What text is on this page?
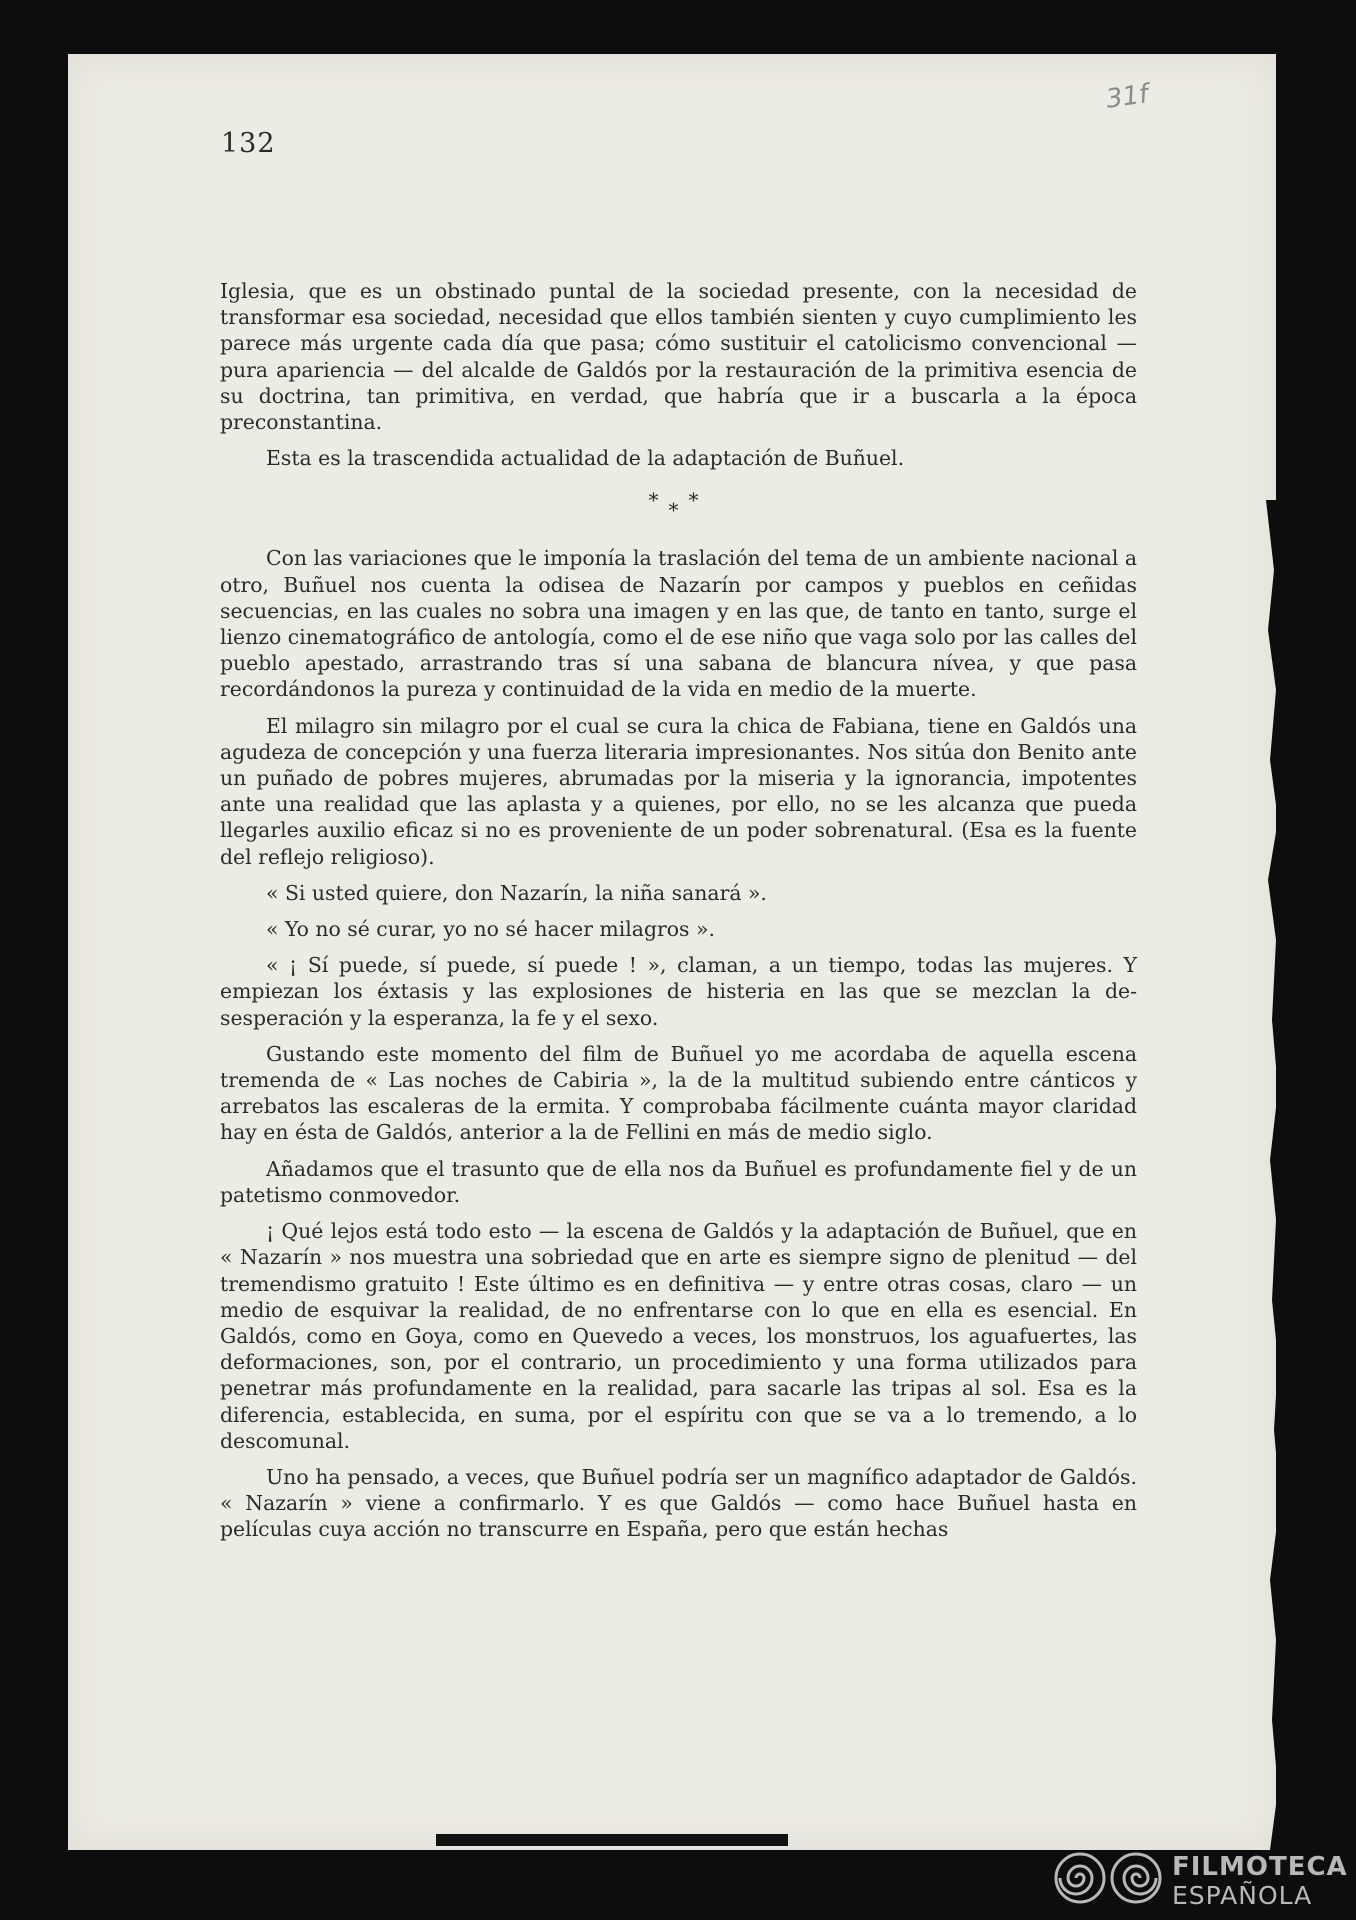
132
31f

Iglesia, que es un obstinado puntal de la sociedad presente, con la necesidad de transformar esa sociedad, necesidad que ellos también sienten y cuyo cumplimiento les parece más urgente cada día que pasa; cómo sustituir el catolicismo convencional — pura apariencia — del alcalde de Galdós por la restauración de la primitiva esencia de su doctrina, tan primitiva, en verdad, que habría que ir a buscarla a la época preconstantina.

Esta es la trascendida actualidad de la adaptación de Buñuel.

***

Con las variaciones que le imponía la traslación del tema de un ambiente nacional a otro, Buñuel nos cuenta la odisea de Nazarín por campos y pueblos en ceñidas secuencias, en las cuales no sobra una imagen y en las que, de tanto en tanto, surge el lienzo cinematográfico de antología, como el de ese niño que vaga solo por las calles del pueblo apestado, arrastrando tras sí una sabana de blancura nívea, y que pasa recordándonos la pureza y continuidad de la vida en medio de la muerte.

El milagro sin milagro por el cual se cura la chica de Fabiana, tiene en Galdós una agudeza de concepción y una fuerza literaria impresionantes. Nos sitúa don Benito ante un puñado de pobres mujeres, abrumadas por la miseria y la ignorancia, impotentes ante una realidad que las aplasta y a quienes, por ello, no se les alcanza que pueda llegarles auxilio eficaz si no es proveniente de un poder sobrenatural. (Esa es la fuente del reflejo religioso).

« Si usted quiere, don Nazarín, la niña sanará ».

« Yo no sé curar, yo no sé hacer milagros ».

« ¡ Sí puede, sí puede, sí puede ! », claman, a un tiempo, todas las mujeres. Y empiezan los éxtasis y las explosiones de histeria en las que se mezclan la desesperación y la esperanza, la fe y el sexo.

Gustando este momento del film de Buñuel yo me acordaba de aquella escena tremenda de « Las noches de Cabiria », la de la multitud subiendo entre cánticos y arrebatos las escaleras de la ermita. Y comprobaba fácilmente cuánta mayor claridad hay en ésta de Galdós, anterior a la de Fellini en más de medio siglo.

Añadamos que el trasunto que de ella nos da Buñuel es profundamente fiel y de un patetismo conmovedor.

¡ Qué lejos está todo esto — la escena de Galdós y la adaptación de Buñuel, que en « Nazarín » nos muestra una sobriedad que en arte es siempre signo de plenitud — del tremendismo gratuito ! Este último es en definitiva — y entre otras cosas, claro — un medio de esquivar la realidad, de no enfrentarse con lo que en ella es esencial. En Galdós, como en Goya, como en Quevedo a veces, los monstruos, los aguafuertes, las deformaciones, son, por el contrario, un procedimiento y una forma utilizados para penetrar más profundamente en la realidad, para sacarle las tripas al sol. Esa es la diferencia, establecida, en suma, por el espíritu con que se va a lo tremendo, a lo descomunal.

Uno ha pensado, a veces, que Buñuel podría ser un magnífico adaptador de Galdós. « Nazarín » viene a confirmarlo. Y es que Galdós — como hace Buñuel hasta en películas cuya acción no transcurre en España, pero que están hechas

FILMOTECA
ESPAÑOLA
